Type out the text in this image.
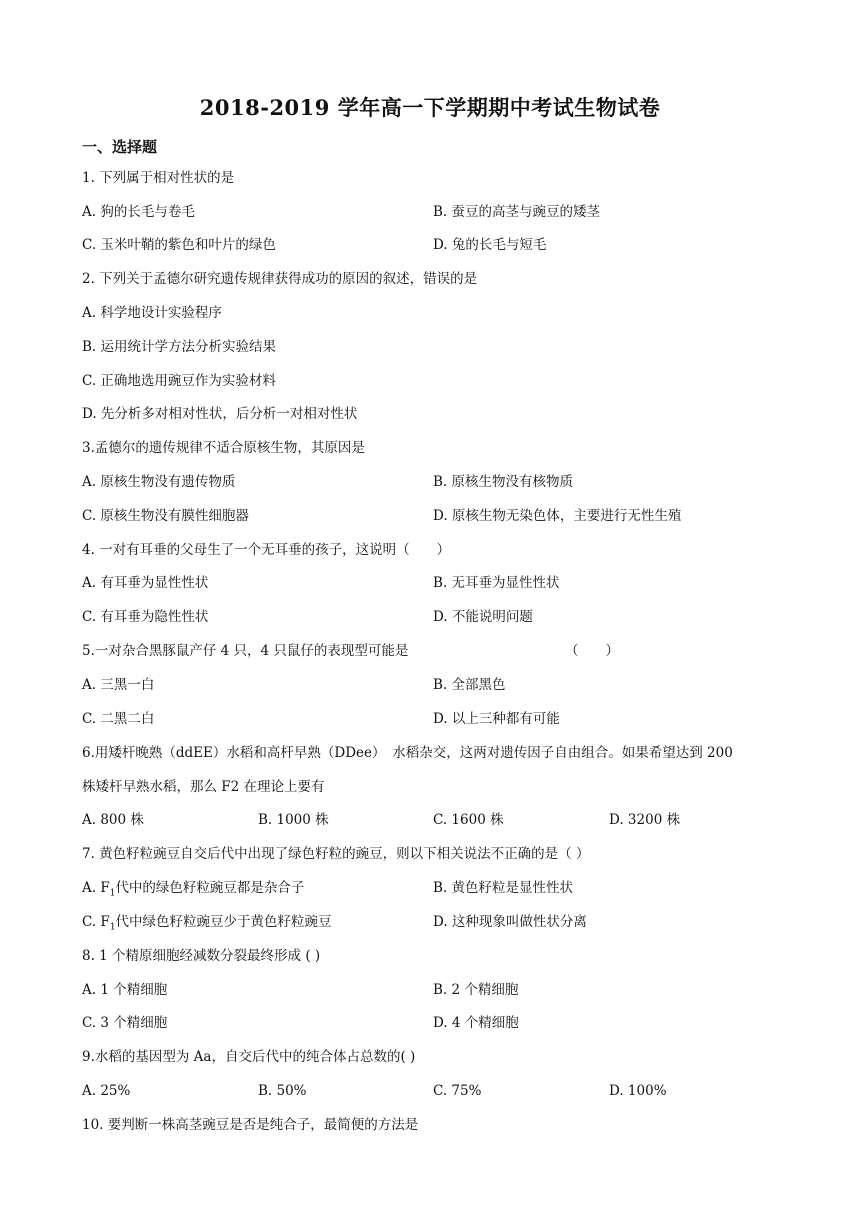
2018-2019 学年高一下学期期中考试生物试卷
一、选择题
1. 下列属于相对性状的是
A. 狗的长毛与卷毛	B. 蚕豆的高茎与豌豆的矮茎
C. 玉米叶鞘的紫色和叶片的绿色	D. 兔的长毛与短毛
2. 下列关于孟德尔研究遗传规律获得成功的原因的叙述，错误的是
A. 科学地设计实验程序
B. 运用统计学方法分析实验结果
C. 正确地选用豌豆作为实验材料
D. 先分析多对相对性状，后分析一对相对性状
3.孟德尔的遗传规律不适合原核生物，其原因是
A. 原核生物没有遗传物质	B. 原核生物没有核物质
C. 原核生物没有膜性细胞器	D. 原核生物无染色体，主要进行无性生殖
4. 一对有耳垂的父母生了一个无耳垂的孩子，这说明（　　）
A. 有耳垂为显性性状	B. 无耳垂为显性性状
C. 有耳垂为隐性性状	D. 不能说明问题
5.一对杂合黑豚鼠产仔 4 只，4 只鼠仔的表现型可能是	（　　）
A. 三黑一白	B. 全部黑色
C. 二黑二白	D. 以上三种都有可能
6.用矮杆晚熟（ddEE）水稻和高杆早熟（DDee）　水稻杂交，这两对遗传因子自由组合。如果希望达到 200
株矮杆早熟水稻，那么 F2 在理论上要有
A. 800 株	B. 1000 株	C. 1600 株	D. 3200 株
7. 黄色籽粒豌豆自交后代中出现了绿色籽粒的豌豆，则以下相关说法不正确的是（ ）
A. $F_1$代中的绿色籽粒豌豆都是杂合子	B. 黄色籽粒是显性性状
C. $F_1$代中绿色籽粒豌豆少于黄色籽粒豌豆	D. 这种现象叫做性状分离
8. 1 个精原细胞经减数分裂最终形成 ( )
A. 1 个精细胞	B. 2 个精细胞
C. 3 个精细胞	D. 4 个精细胞
9.水稻的基因型为 Aa，自交后代中的纯合体占总数的( )
A. 25%	B. 50%	C. 75%	D. 100%
10. 要判断一株高茎豌豆是否是纯合子，最简便的方法是
